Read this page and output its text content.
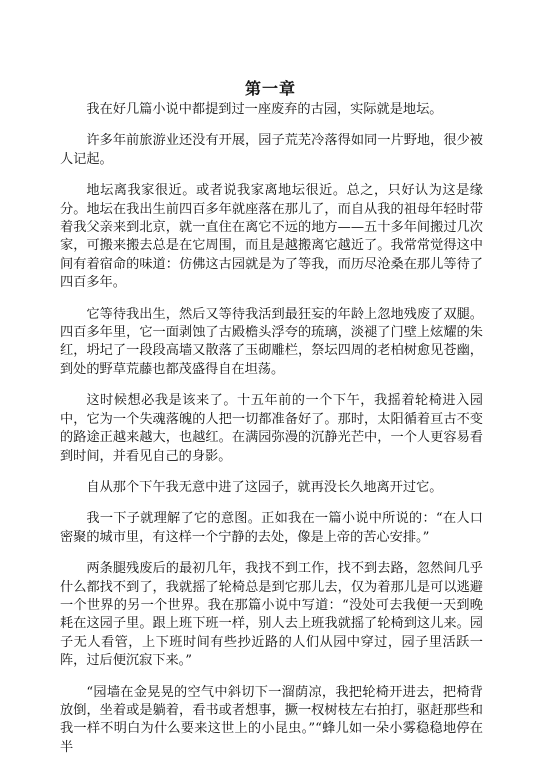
第一章

我在好几篇小说中都提到过一座废弃的古园，实际就是地坛。

许多年前旅游业还没有开展，园子荒芜冷落得如同一片野地，很少被人记起。

地坛离我家很近。或者说我家离地坛很近。总之，只好认为这是缘分。地坛在我出生前四百多年就座落在那儿了，而自从我的祖母年轻时带着我父亲来到北京，就一直住在离它不远的地方——五十多年间搬过几次家，可搬来搬去总是在它周围，而且是越搬离它越近了。我常常觉得这中间有着宿命的味道：仿佛这古园就是为了等我，而历尽沧桑在那儿等待了四百多年。

它等待我出生，然后又等待我活到最狂妄的年龄上忽地残废了双腿。四百多年里，它一面剥蚀了古殿檐头浮夸的琉璃，淡褪了门壁上炫耀的朱红，坍圮了一段段高墙又散落了玉砌雕栏，祭坛四周的老柏树愈见苍幽，到处的野草荒藤也都茂盛得自在坦荡。

这时候想必我是该来了。十五年前的一个下午，我摇着轮椅进入园中，它为一个失魂落魄的人把一切都准备好了。那时，太阳循着亘古不变的路途正越来越大，也越红。在满园弥漫的沉静光芒中，一个人更容易看到时间，并看见自己的身影。

自从那个下午我无意中进了这园子，就再没长久地离开过它。

我一下子就理解了它的意图。正如我在一篇小说中所说的：“在人口密聚的城市里，有这样一个宁静的去处，像是上帝的苦心安排。”

两条腿残废后的最初几年，我找不到工作，找不到去路，忽然间几乎什么都找不到了，我就摇了轮椅总是到它那儿去，仅为着那儿是可以逃避一个世界的另一个世界。我在那篇小说中写道：“没处可去我便一天到晚耗在这园子里。跟上班下班一样，别人去上班我就摇了轮椅到这儿来。园子无人看管，上下班时间有些抄近路的人们从园中穿过，园子里活跃一阵，过后便沉寂下来。”

“园墙在金晃晃的空气中斜切下一溜荫凉，我把轮椅开进去，把椅背放倒，坐着或是躺着，看书或者想事，撅一杈树枝左右拍打，驱赶那些和我一样不明白为什么要来这世上的小昆虫。”“蜂儿如一朵小雾稳稳地停在半
